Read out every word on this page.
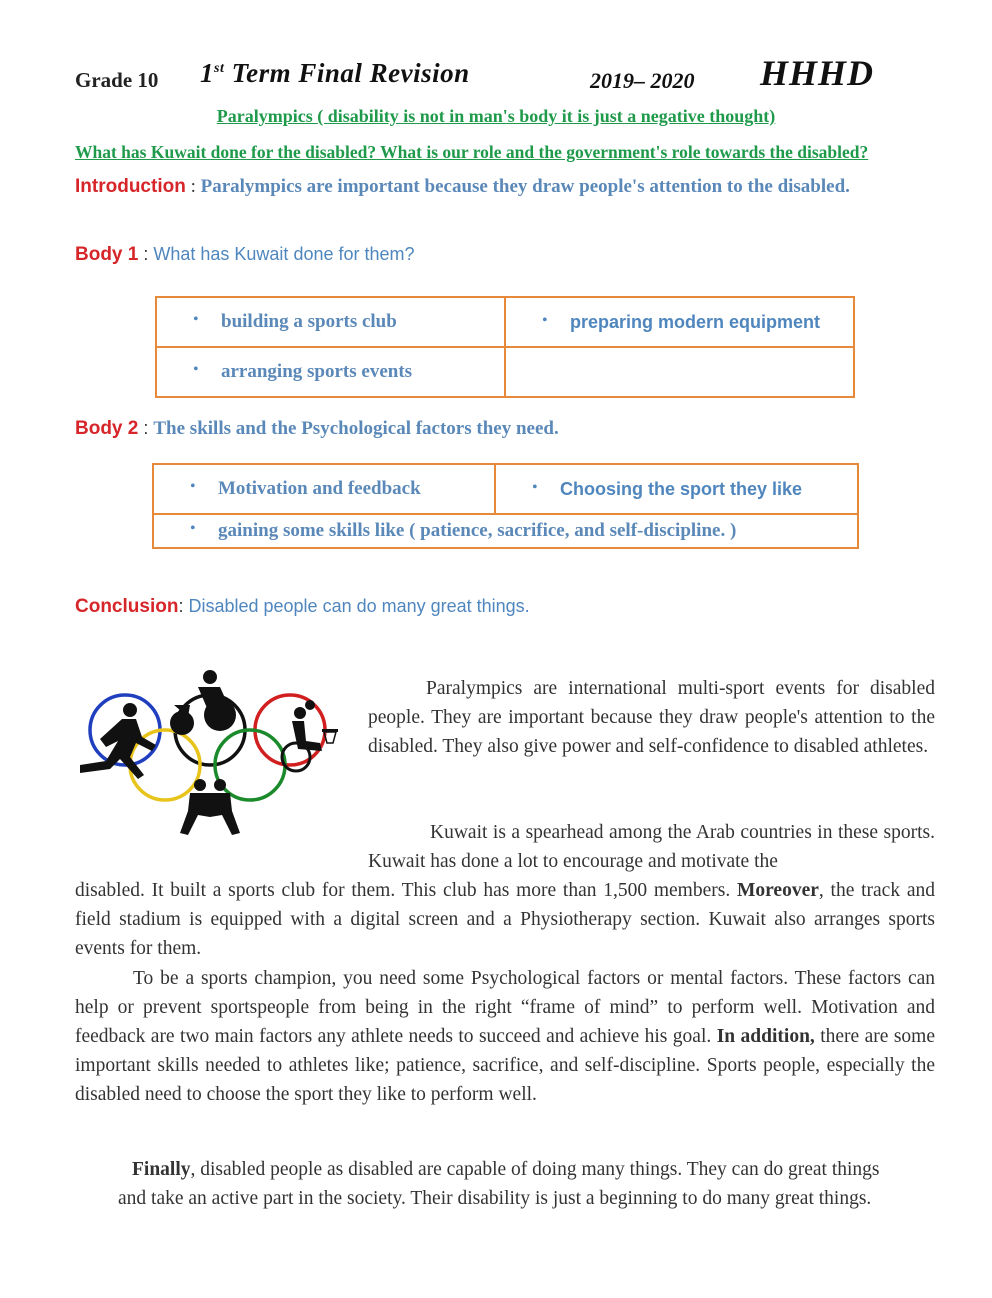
Grade 10 1st Term Final Revision	2019– 2020 HHHD
Paralympics ( disability is not in man's body it is just a negative thought)
What has Kuwait done for the disabled? What is our role and the government's role towards the disabled?
Introduction : Paralympics are important because they draw people's attention to the disabled.
Body 1 : What has Kuwait done for them?
• building a sports club	• preparing modern equipment

• arranging sports events	
Body 2 : The skills and the Psychological factors they need.
• Motivation and feedback	• Choosing the sport they like

• gaining some skills like ( patience, sacrifice, and self-discipline. )
Conclusion: Disabled people can do many great things.
Paralympics are international multi-sport events for disabled people. They are important because they draw people's attention to the disabled. They also give power and self-confidence to disabled athletes.
Kuwait is a spearhead among the Arab countries in these sports. Kuwait has done a lot to encourage and motivate the
disabled. It built a sports club for them. This club has more than 1,500 members. Moreover, the track and field stadium is equipped with a digital screen and a Physiotherapy section. Kuwait also arranges sports events for them.
To be a sports champion, you need some Psychological factors or mental factors. These factors can help or prevent sportspeople from being in the right “frame of mind” to perform well. Motivation and feedback are two main factors any athlete needs to succeed and achieve his goal. In addition, there are some important skills needed to athletes like; patience, sacrifice, and self-discipline. Sports people, especially the disabled need to choose the sport they like to perform well.
Finally, disabled people as disabled are capable of doing many things. They can do great things and take an active part in the society. Their disability is just a beginning to do many great things.
